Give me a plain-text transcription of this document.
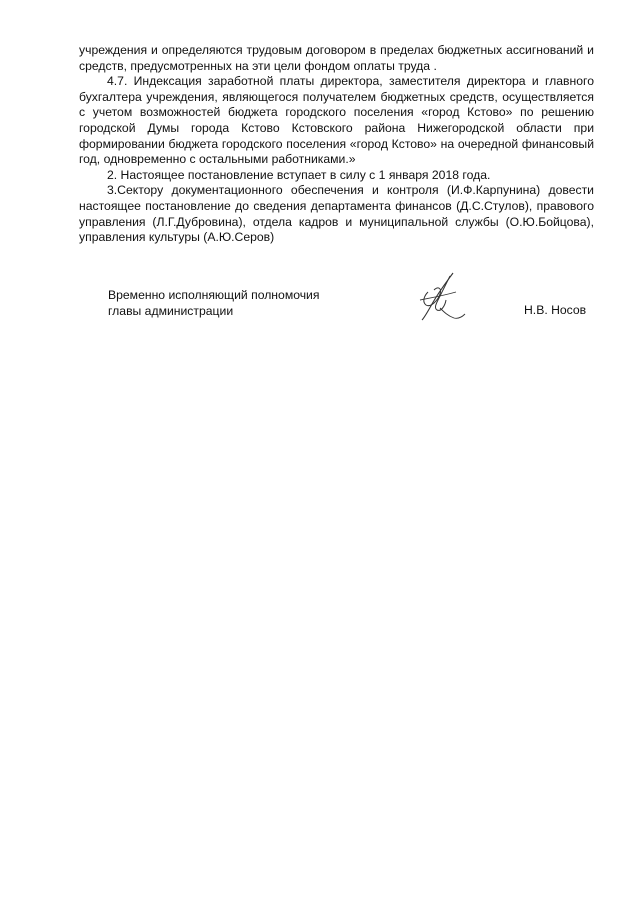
учреждения и определяются трудовым договором в пределах бюджетных ассигнований и средств, предусмотренных на эти цели фондом оплаты труда .

4.7. Индексация заработной платы директора, заместителя директора и главного бухгалтера учреждения, являющегося получателем бюджетных средств, осуществляется с учетом возможностей бюджета городского поселения «город Кстово» по решению городской Думы города Кстово Кстовского района Нижегородской области при формировании бюджета городского поселения «город Кстово» на очередной финансовый год, одновременно с остальными работниками.»

2. Настоящее постановление вступает в силу с 1 января 2018 года.

3.Сектору документационного обеспечения и контроля (И.Ф.Карпунина) довести настоящее постановление до сведения департамента финансов (Д.С.Стулов), правового управления (Л.Г.Дубровина), отдела кадров и муниципальной службы (О.Ю.Бойцова), управления культуры (А.Ю.Серов)

Временно исполняющий полномочия
главы администрации	Н.В. Носов
